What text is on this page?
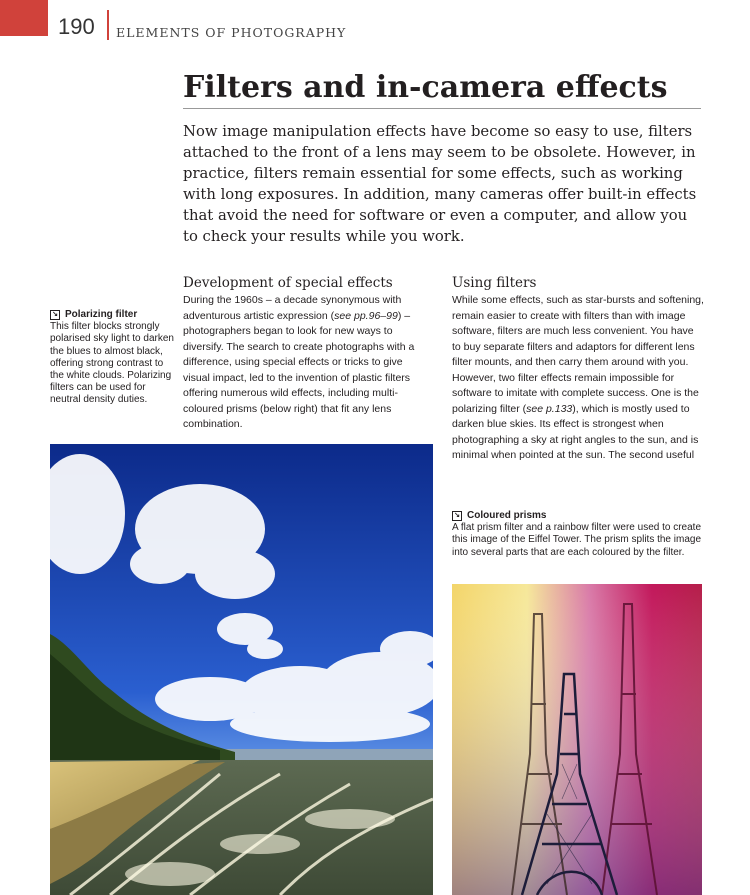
190 ELEMENTS OF PHOTOGRAPHY
Filters and in-camera effects

Now image manipulation effects have become so easy to use, filters attached to the front of a lens may seem to be obsolete. However, in practice, filters remain essential for some effects, such as working with long exposures. In addition, many cameras offer built-in effects that avoid the need for software or even a computer, and allow you to check your results while you work.

↘ Polarizing filter

This filter blocks strongly polarised sky light to darken the blues to almost black, offering strong contrast to the white clouds. Polarizing filters can be used for neutral density duties.

Development of special effects

During the 1960s – a decade synonymous with adventurous artistic expression (see pp.96–99) – photographers began to look for new ways to diversify. The search to create photographs with a difference, using special effects or tricks to give visual impact, led to the invention of plastic filters offering numerous wild effects, including multi-coloured prisms (below right) that fit any lens combination.

Using filters

While some effects, such as star-bursts and softening, remain easier to create with filters than with image software, filters are much less convenient. You have to buy separate filters and adaptors for different lens filter mounts, and then carry them around with you. However, two filter effects remain impossible for software to imitate with complete success. One is the polarizing filter (see p.133), which is mostly used to darken blue skies. Its effect is strongest when photographing a sky at right angles to the sun, and is minimal when pointed at the sun. The second useful

↘ Coloured prisms

A flat prism filter and a rainbow filter were used to create this image of the Eiffel Tower. The prism splits the image into several parts that are each coloured by the filter.
